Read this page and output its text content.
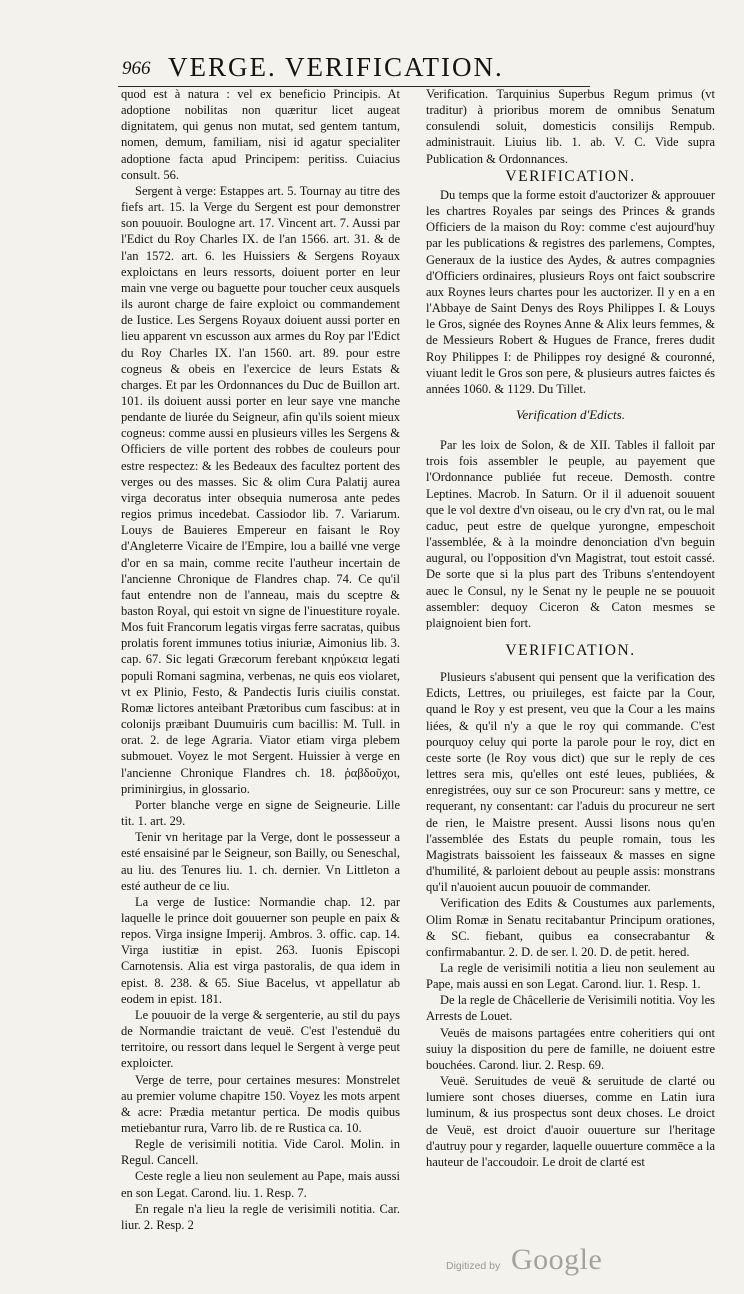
966 VERGE. VERIFICATION.

quod est à natura : vel ex beneficio Principis. At adoptione nobilitas non quæritur licet augeat dignitatem, qui genus non mutat, sed gentem tantum, nomen, demum, familiam, nisi id agatur specialiter adoptione facta apud Principem: peritiss. Cuiacius consult. 56.

Sergent à verge: Estappes art. 5. Tournay au titre des fiefs art. 15. la Verge du Sergent est pour demonstrer son pouuoir. Boulogne art. 17. Vincent art. 7. Aussi par l'Edict du Roy Charles IX. de l'an 1566. art. 31. & de l'an 1572. art. 6. les Huissiers & Sergens Royaux exploictans en leurs ressorts, doiuent porter en leur main vne verge ou baguette pour toucher ceux ausquels ils auront charge de faire exploict ou commandement de Iustice. Les Sergens Royaux doiuent aussi porter en lieu apparent vn escusson aux armes du Roy par l'Edict du Roy Charles IX. l'an 1560. art. 89. pour estre cogneus & obeis en l'exercice de leurs Estats & charges. Et par les Ordonnances du Duc de Buillon art. 101. ils doiuent aussi porter en leur saye vne manche pendante de liurée du Seigneur, afin qu'ils soient mieux cogneus: comme aussi en plusieurs villes les Sergens & Officiers de ville portent des robbes de couleurs pour estre respectez: & les Bedeaux des facultez portent des verges ou des masses. Sic & olim Cura Palatij aurea virga decoratus inter obsequia numerosa ante pedes regios primus incedebat. Cassiodor lib. 7. Variarum. Louys de Bauieres Empereur en faisant le Roy d'Angleterre Vicaire de l'Empire, lou a baillé vne verge d'or en sa main, comme recite l'autheur incertain de l'ancienne Chronique de Flandres chap. 74. Ce qu'il faut entendre non de l'anneau, mais du sceptre & baston Royal, qui estoit vn signe de l'inuestiture royale. Mos fuit Francorum legatis virgas ferre sacratas, quibus prolatis forent immunes totius iniuriæ, Aimonius lib. 3. cap. 67. Sic legati Græcorum ferebant κηρύκεια legati populi Romani sagmina, verbenas, ne quis eos violaret, vt ex Plinio, Festo, & Pandectis Iuris ciuilis constat. Romæ lictores anteibant Prætoribus cum fascibus: at in colonijs præibant Duumuiris cum bacillis: M. Tull. in orat. 2. de lege Agraria. Viator etiam virga plebem submouet. Voyez le mot Sergent. Huissier à verge en l'ancienne Chronique Flandres ch. 18. ῥαβδοῦχοι, priminirgius, in glossario.

Porter blanche verge en signe de Seigneurie. Lille tit. 1. art. 29.

Tenir vn heritage par la Verge, dont le possesseur a esté ensaisiné par le Seigneur, son Bailly, ou Seneschal, au liu. des Tenures liu. 1. ch. dernier. Vn Littleton a esté autheur de ce liu.

La verge de Iustice: Normandie chap. 12. par laquelle le prince doit gouuerner son peuple en paix & repos. Virga insigne Imperij. Ambros. 3. offic. cap. 14. Virga iustitiæ in epist. 263. Iuonis Episcopi Carnotensis. Alia est virga pastoralis, de qua idem in epist. 8. 238. & 65. Siue Bacelus, vt appellatur ab eodem in epist. 181.

Le pouuoir de la verge & sergenterie, au stil du pays de Normandie traictant de veuë. C'est l'estenduë du territoire, ou ressort dans lequel le Sergent à verge peut exploicter.

Verge de terre, pour certaines mesures: Monstrelet au premier volume chapitre 150. Voyez les mots arpent & acre: Prædia metantur pertica. De modis quibus metiebantur rura, Varro lib. de re Rustica ca. 10.

Regle de verisimili notitia. Vide Carol. Molin. in Regul. Cancell.

Ceste regle a lieu non seulement au Pape, mais aussi en son Legat. Carond. liu. 1. Resp. 7.

En regale n'a lieu la regle de verisimili notitia. Car. liur. 2. Resp. 2

Verification. Tarquinius Superbus Regum primus (vt traditur) à prioribus morem de omnibus Senatum consulendi soluit, domesticis consilijs Rempub. administrauit. Liuius lib. 1. ab. V. C. Vide supra Publication & Ordonnances.

VERIFICATION.

Du temps que la forme estoit d'auctorizer & approuuer les chartres Royales par seings des Princes & grands Officiers de la maison du Roy: comme c'est aujourd'huy par les publications & registres des parlemens, Comptes, Generaux de la iustice des Aydes, & autres compagnies d'Officiers ordinaires, plusieurs Roys ont faict soubscrire aux Roynes leurs chartes pour les auctorizer. Il y en a en l'Abbaye de Saint Denys des Roys Philippes I. & Louys le Gros, signée des Roynes Anne & Alix leurs femmes, & de Messieurs Robert & Hugues de France, freres dudit Roy Philippes I: de Philippes roy designé & couronné, viuant ledit le Gros son pere, & plusieurs autres faictes és années 1060. & 1129. Du Tillet.

Verification d'Edicts.

Par les loix de Solon, & de XII. Tables il falloit par trois fois assembler le peuple, au payement que l'Ordonnance publiée fut receue. Demosth. contre Leptines. Macrob. In Saturn. Or il il aduenoit souuent que le vol dextre d'vn oiseau, ou le cry d'vn rat, ou le mal caduc, peut estre de quelque yurongne, empeschoit l'assemblée, & à la moindre denonciation d'vn beguin augural, ou l'opposition d'vn Magistrat, tout estoit cassé. De sorte que si la plus part des Tribuns s'entendoyent auec le Consul, ny le Senat ny le peuple ne se pouuoit assembler: dequoy Ciceron & Caton mesmes se plaignoient bien fort.

VERIFICATION.

Plusieurs s'abusent qui pensent que la verification des Edicts, Lettres, ou priuileges, est faicte par la Cour, quand le Roy y est present, veu que la Cour a les mains liées, & qu'il n'y a que le roy qui commande. C'est pourquoy celuy qui porte la parole pour le roy, dict en ceste sorte (le Roy vous dict) que sur le reply de ces lettres sera mis, qu'elles ont esté leues, publiées, & enregistrées, ouy sur ce son Procureur: sans y mettre, ce requerant, ny consentant: car l'aduis du procureur ne sert de rien, le Maistre present. Aussi lisons nous qu'en l'assemblée des Estats du peuple romain, tous les Magistrats baissoient les faisseaux & masses en signe d'humilité, & parloient debout au peuple assis: monstrans qu'il n'auoient aucun pouuoir de commander.

Verification des Edits & Coustumes aux parlements, Olim Romæ in Senatu recitabantur Principum orationes, & SC. fiebant, quibus ea consecrabantur & confirmabantur. 2. D. de ser. l. 20. D. de petit. hered.

La regle de verisimili notitia a lieu non seulement au Pape, mais aussi en son Legat. Carond. liur. 1. Resp. 1.

De la regle de Châcellerie de Verisimili notitia. Voy les Arrests de Louet.

Veuës de maisons partagées entre coheritiers qui ont suiuy la disposition du pere de famille, ne doiuent estre bouchées. Carond. liur. 2. Resp. 69.

Veuë. Seruitudes de veuë & seruitude de clarté ou lumiere sont choses diuerses, comme en Latin iura luminum, & ius prospectus sont deux choses. Le droict de Veuë, est droict d'auoir ouuerture sur l'heritage d'autruy pour y regarder, laquelle ouuerture commēce a la hauteur de l'accoudoir. Le droit de clarté est

Digitized by Google
